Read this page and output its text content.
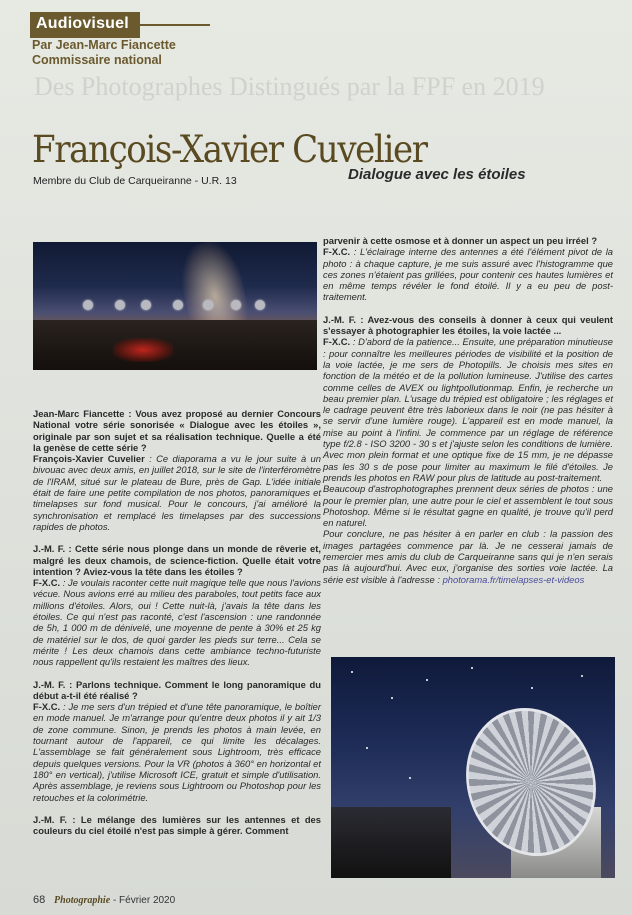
Des Photographes Distingués par la FPF en 2019
Audiovisuel
Par Jean-Marc Fiancette
Commissaire national
François-Xavier Cuvelier
Membre du Club de Carqueiranne - U.R. 13	Dialogue avec les étoiles

Jean-Marc Fiancette : Vous avez proposé au dernier Concours National votre série sonorisée « Dialogue avec les étoiles », originale par son sujet et sa réalisation technique. Quelle a été la genèse de cette série ?

François-Xavier Cuvelier : Ce diaporama a vu le jour suite à un bivouac avec deux amis, en juillet 2018, sur le site de l'interféromètre de l'IRAM, situé sur le plateau de Bure, près de Gap. L'idée initiale était de faire une petite compilation de nos photos, panoramiques et timelapses sur fond musical. Pour le concours, j'ai amélioré la synchronisation et remplacé les timelapses par des successions rapides de photos.

J.-M. F. : Cette série nous plonge dans un monde de rêverie et, malgré les deux chamois, de science-fiction. Quelle était votre intention ? Aviez-vous la tête dans les étoiles ?

F-X.C. : Je voulais raconter cette nuit magique telle que nous l'avions vécue. Nous avions erré au milieu des paraboles, tout petits face aux millions d'étoiles. Alors, oui ! Cette nuit-là, j'avais la tête dans les étoiles. Ce qui n'est pas raconté, c'est l'ascension : une randonnée de 5h, 1 000 m de dénivelé, une moyenne de pente à 30% et 25 kg de matériel sur le dos, de quoi garder les pieds sur terre... Cela se mérite ! Les deux chamois dans cette ambiance techno-futuriste nous rappellent qu'ils restaient les maîtres des lieux.

J.-M. F. : Parlons technique. Comment le long panoramique du début a-t-il été réalisé ?

F-X.C. : Je me sers d'un trépied et d'une tête panoramique, le boîtier en mode manuel. Je m'arrange pour qu'entre deux photos il y ait 1/3 de zone commune. Sinon, je prends les photos à main levée, en tournant autour de l'appareil, ce qui limite les décalages. L'assemblage se fait généralement sous Lightroom, très efficace depuis quelques versions. Pour la VR (photos à 360° en horizontal et 180° en vertical), j'utilise Microsoft ICE, gratuit et simple d'utilisation. Après assemblage, je reviens sous Lightroom ou Photoshop pour les retouches et la colorimétrie.

J.-M. F. : Le mélange des lumières sur les antennes et des couleurs du ciel étoilé n'est pas simple à gérer. Comment

parvenir à cette osmose et à donner un aspect un peu irréel ?

F-X.C. : L'éclairage interne des antennes a été l'élément pivot de la photo : à chaque capture, je me suis assuré avec l'histogramme que ces zones n'étaient pas grillées, pour contenir ces hautes lumières et en même temps révéler le fond étoilé. Il y a eu peu de post-traitement.

J.-M. F. : Avez-vous des conseils à donner à ceux qui veulent s'essayer à photographier les étoiles, la voie lactée ...

F-X.C. : D'abord de la patience... Ensuite, une préparation minutieuse : pour connaître les meilleures périodes de visibilité et la position de la voie lactée, je me sers de Photopills. Je choisis mes sites en fonction de la météo et de la pollution lumineuse. J'utilise des cartes comme celles de AVEX ou lightpollutionmap. Enfin, je recherche un beau premier plan. L'usage du trépied est obligatoire ; les réglages et le cadrage peuvent être très laborieux dans le noir (ne pas hésiter à se servir d'une lumière rouge). L'appareil est en mode manuel, la mise au point à l'infini. Je commence par un réglage de référence type f/2.8 - ISO 3200 - 30 s et j'ajuste selon les conditions de lumière. Avec mon plein format et une optique fixe de 15 mm, je ne dépasse pas les 30 s de pose pour limiter au maximum le filé d'étoiles. Je prends les photos en RAW pour plus de latitude au post-traitement.

Beaucoup d'astrophotographes prennent deux séries de photos : une pour le premier plan, une autre pour le ciel et assemblent le tout sous Photoshop. Même si le résultat gagne en qualité, je trouve qu'il perd en naturel.

Pour conclure, ne pas hésiter à en parler en club : la passion des images partagées commence par là. Je ne cesserai jamais de remercier mes amis du club de Carqueiranne sans qui je n'en serais pas là aujourd'hui. Avec eux, j'organise des sorties voie lactée. La série est visible à l'adresse : photorama.fr/timelapses-et-videos

68 Photographie - Février 2020
